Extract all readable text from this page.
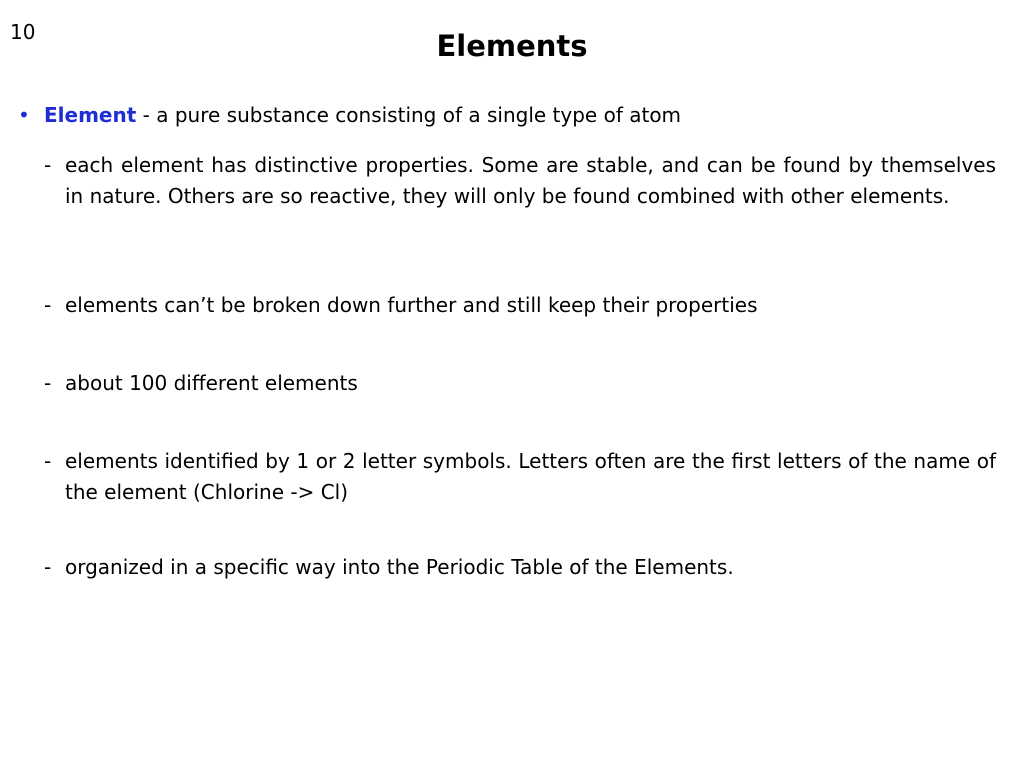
10	Elements
• Element - a pure substance consisting of a single type of atom
- each element has distinctive properties. Some are stable, and can be found by themselves in nature. Others are so reactive, they will only be found combined with other elements.
- elements can’t be broken down further and still keep their properties
- about 100 different elements
- elements identified by 1 or 2 letter symbols. Letters often are the first letters of the name of the element (Chlorine -> Cl)
- organized in a specific way into the Periodic Table of the Elements.
